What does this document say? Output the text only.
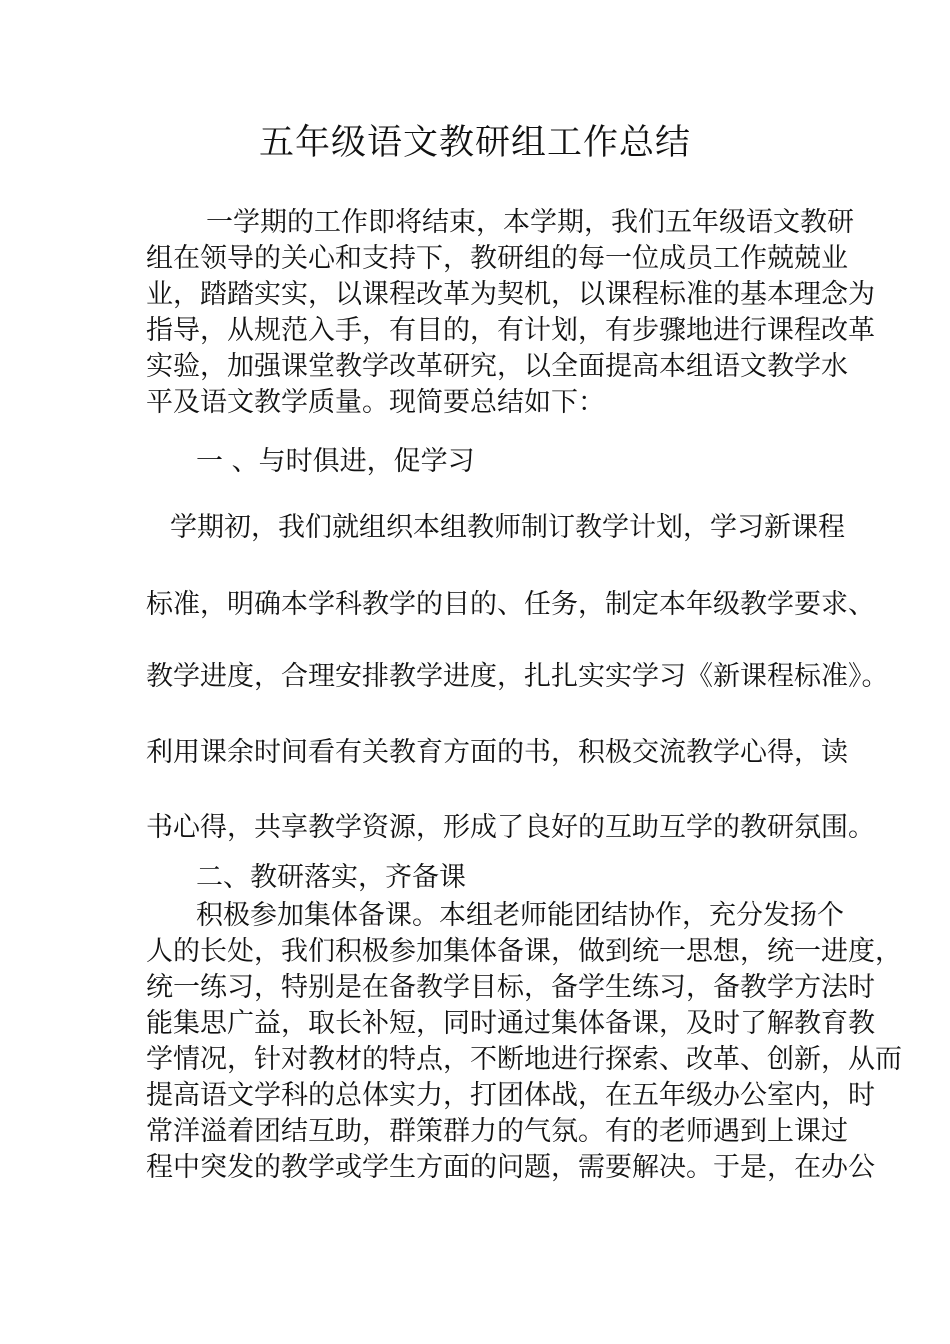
五年级语文教研组工作总结
一学期的工作即将结束，本学期，我们五年级语文教研
组在领导的关心和支持下，教研组的每一位成员工作兢兢业
业，踏踏实实，以课程改革为契机，以课程标准的基本理念为
指导，从规范入手，有目的，有计划，有步骤地进行课程改革
实验，加强课堂教学改革研究，以全面提高本组语文教学水
平及语文教学质量。现简要总结如下：
一 、与时俱进，促学习
学期初，我们就组织本组教师制订教学计划，学习新课程
标准，明确本学科教学的目的、任务，制定本年级教学要求、
教学进度，合理安排教学进度，扎扎实实学习《新课程标准》。
利用课余时间看有关教育方面的书，积极交流教学心得，读
书心得，共享教学资源，形成了良好的互助互学的教研氛围。
二、教研落实，齐备课
积极参加集体备课。本组老师能团结协作，充分发扬个
人的长处，我们积极参加集体备课，做到统一思想，统一进度，
统一练习，特别是在备教学目标，备学生练习，备教学方法时
能集思广益，取长补短，同时通过集体备课，及时了解教育教
学情况，针对教材的特点，不断地进行探索、改革、创新，从而
提高语文学科的总体实力，打团体战，在五年级办公室内，时
常洋溢着团结互助，群策群力的气氛。有的老师遇到上课过
程中突发的教学或学生方面的问题，需要解决。于是，在办公
